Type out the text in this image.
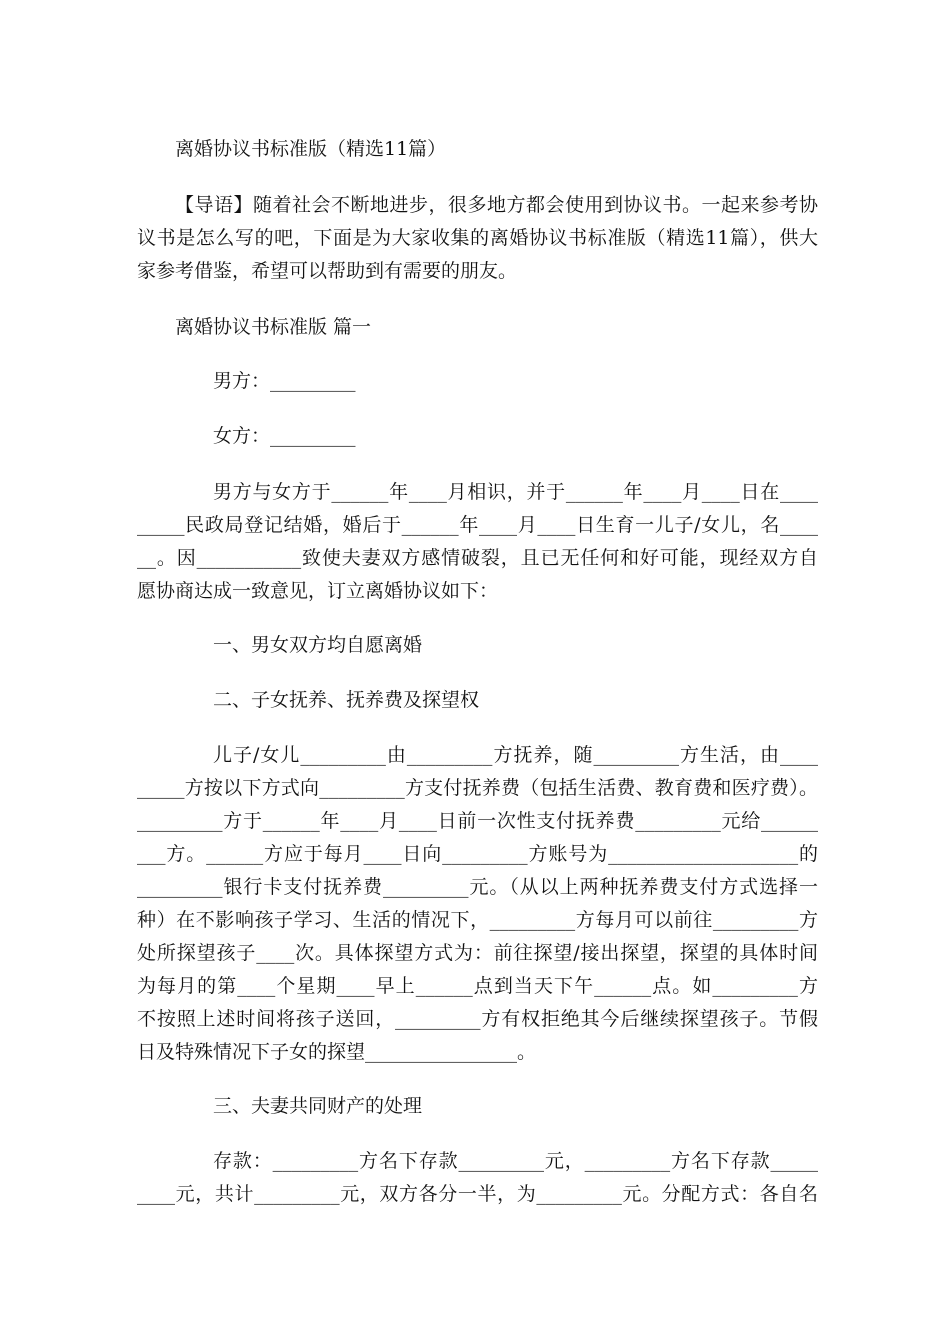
离婚协议书标准版（精选11篇）
【导语】随着社会不断地进步，很多地方都会使用到协议书。一起来参考协
议书是怎么写的吧，下面是为大家收集的离婚协议书标准版（精选11篇），供大
家参考借鉴，希望可以帮助到有需要的朋友。
离婚协议书标准版 篇一
男方：_________
女方：_________
男方与女方于______年____月相识，并于______年____月____日在____
_____民政局登记结婚，婚后于______年____月____日生育一儿子/女儿，名____
__。因___________致使夫妻双方感情破裂，且已无任何和好可能，现经双方自
愿协商达成一致意见，订立离婚协议如下：
一、男女双方均自愿离婚
二、子女抚养、抚养费及探望权
儿子/女儿_________由_________方抚养，随_________方生活，由____
_____方按以下方式向_________方支付抚养费（包括生活费、教育费和医疗费）。
_________方于______年____月____日前一次性支付抚养费_________元给______
___方。______方应于每月____日向_________方账号为____________________的
_________银行卡支付抚养费_________元。（从以上两种抚养费支付方式选择一
种）在不影响孩子学习、生活的情况下，_________方每月可以前往_________方
处所探望孩子____次。具体探望方式为：前往探望/接出探望，探望的具体时间
为每月的第____个星期____早上______点到当天下午______点。如_________方
不按照上述时间将孩子送回，_________方有权拒绝其今后继续探望孩子。节假
日及特殊情况下子女的探望________________。
三、夫妻共同财产的处理
存款：_________方名下存款_________元，_________方名下存款_____
____元，共计_________元，双方各分一半，为_________元。分配方式：各自名
